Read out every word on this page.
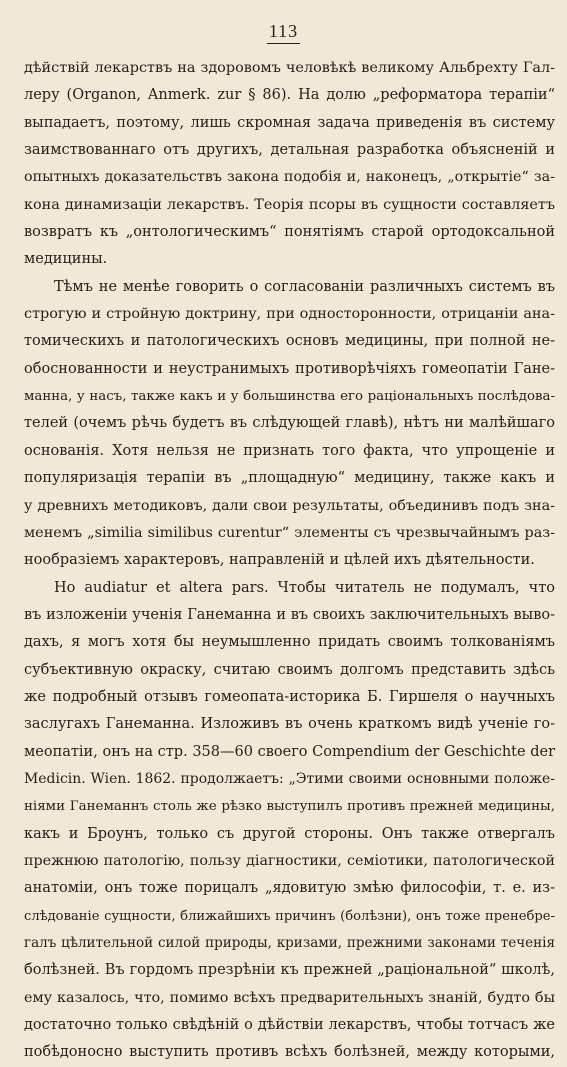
113
дѣйствій лекарствъ на здоровомъ человѣкѣ великому Альбрехту Гал-
леру (Organon, Anmerk. zur § 86). На долю „реформатора терапіи“
выпадаетъ, поэтому, лишь скромная задача приведенія въ систему
заимствованнаго отъ другихъ, детальная разработка объясненій и
опытныхъ доказательствъ закона подобія и, наконецъ, „открытіе“ за-
кона динамизаціи лекарствъ. Теорія псоры въ сущности составляетъ
возвратъ къ „онтологическимъ“ понятіямъ старой ортодоксальной
медицины.
Тѣмъ не менѣе говорить о согласованіи различныхъ системъ въ
строгую и стройную доктрину, при односторонности, отрицаніи ана-
томическихъ и патологическихъ основъ медицины, при полной не-
обоснованности и неустранимыхъ противорѣчіяхъ гомеопатіи Гане-
манна, у насъ, также какъ и у большинства его раціональныхъ послѣдова-
телей (очемъ рѣчь будетъ въ слѣдующей главѣ), нѣтъ ни малѣйшаго
основанія. Хотя нельзя не признать того факта, что упрощеніе и
популяризація терапіи въ „площадную“ медицину, также какъ и
у древнихъ методиковъ, дали свои результаты, объединивъ подъ зна-
менемъ „similia similibus curentur“ элементы съ чрезвычайнымъ раз-
нообразіемъ характеровъ, направленій и цѣлей ихъ дѣятельности.
Но audiatur et altera pars. Чтобы читатель не подумалъ, что
въ изложеніи ученія Ганеманна и въ своихъ заключительныхъ выво-
дахъ, я могъ хотя бы неумышленно придать своимъ толкованіямъ
субъективную окраску, считаю своимъ долгомъ представить здѣсь
же подробный отзывъ гомеопата-историка Б. Гиршеля о научныхъ
заслугахъ Ганеманна. Изложивъ въ очень краткомъ видѣ ученіе го-
меопатіи, онъ на стр. 358—60 своего Compendium der Geschichte der
Medicin. Wien. 1862. продолжаетъ: „Этими своими основными положе-
ніями Ганеманнъ столь же рѣзко выступилъ противъ прежней медицины,
какъ и Броунъ, только съ другой стороны. Онъ также отвергалъ
прежнюю патологію, пользу діагностики, семіотики, патологической
анатоміи, онъ тоже порицалъ „ядовитую змѣю философіи, т. е. из-
слѣдованіе сущности, ближайшихъ причинъ (болѣзни), онъ тоже пренебре-
галъ цѣлительной силой природы, кризами, прежними законами теченія
болѣзней. Въ гордомъ презрѣніи къ прежней „раціональной“ школѣ,
ему казалось, что, помимо всѣхъ предварительныхъ знаній, будто бы
достаточно только свѣдѣній о дѣйствіи лекарствъ, чтобы тотчасъ же
побѣдоносно выступить противъ всѣхъ болѣзней, между которыми,
